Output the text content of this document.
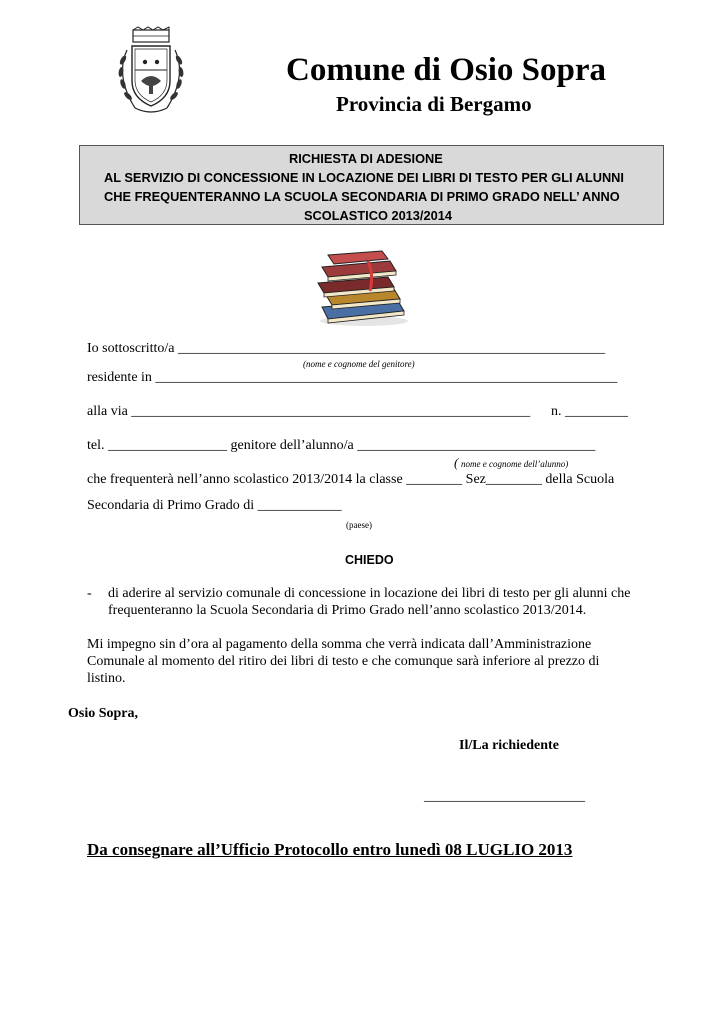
Comune di Osio Sopra
Provincia di Bergamo
RICHIESTA DI ADESIONE
AL SERVIZIO DI CONCESSIONE IN LOCAZIONE DEI LIBRI DI TESTO PER GLI ALUNNI
CHE FREQUENTERANNO LA SCUOLA SECONDARIA DI PRIMO GRADO NELL’ ANNO
SCOLASTICO 2013/2014
Io sottoscritto/a _____________________________________________________________
(nome e cognome del genitore)
residente in __________________________________________________________________
alla via _________________________________________________________ n. _________
tel. _________________ genitore dell’alunno/a __________________________________
( nome e cognome dell’alunno)
che frequenterà nell’anno scolastico 2013/2014 la classe ________ Sez________ della Scuola
Secondaria di Primo Grado di ____________
(paese)
CHIEDO
- di aderire al servizio comunale di concessione in locazione dei libri di testo per gli alunni che
frequenteranno la Scuola Secondaria di Primo Grado nell’anno scolastico 2013/2014.
Mi impegno sin d’ora al pagamento della somma che verrà indicata dall’Amministrazione
Comunale al momento del ritiro dei libri di testo e che comunque sarà inferiore al prezzo di
listino.
Osio Sopra,
Il/La richiedente
_______________________
Da consegnare all’Ufficio Protocollo entro lunedì 08 LUGLIO 2013
